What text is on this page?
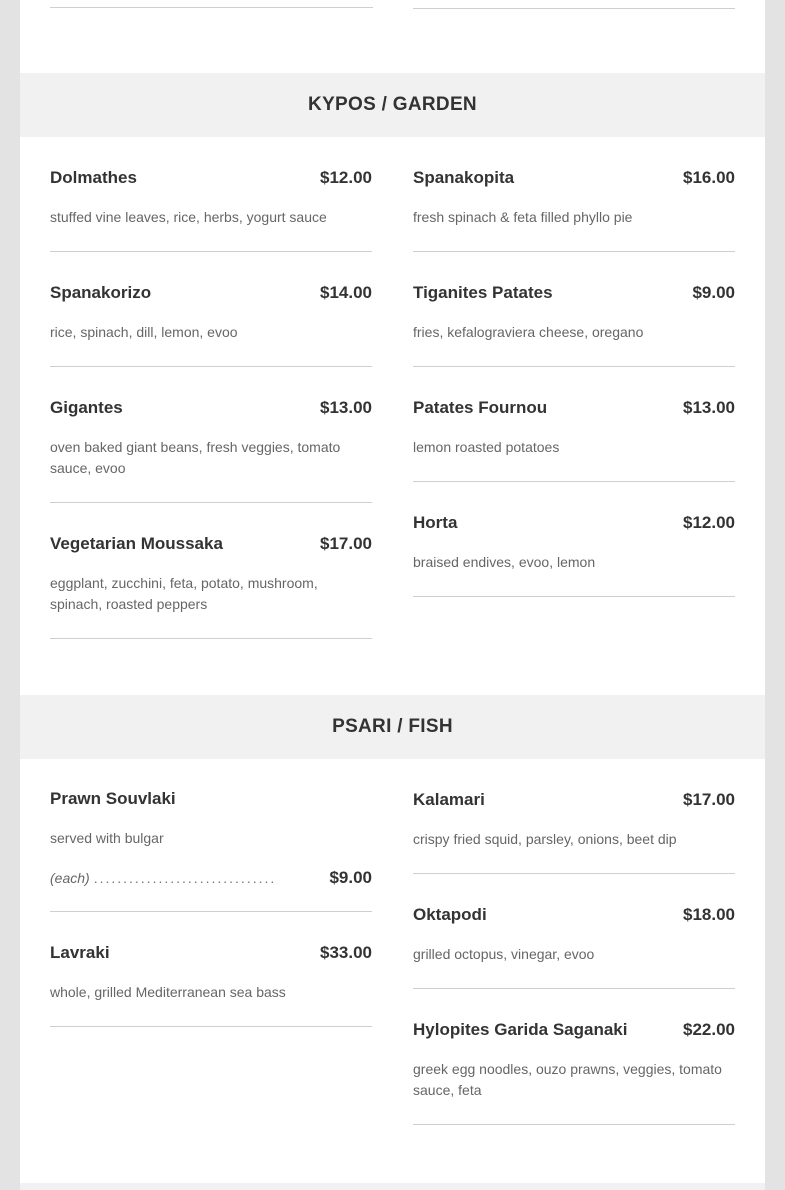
KYPOS / GARDEN
Dolmathes	$12.00
stuffed vine leaves, rice, herbs, yogurt sauce
Spanakorizo	$14.00
rice, spinach, dill, lemon, evoo
Gigantes	$13.00
oven baked giant beans, fresh veggies, tomato sauce, evoo
Vegetarian Moussaka	$17.00
eggplant, zucchini, feta, potato, mushroom, spinach, roasted peppers
Spanakopita	$16.00
fresh spinach & feta filled phyllo pie
Tiganites Patates	$9.00
fries, kefalograviera cheese, oregano
Patates Fournou	$13.00
lemon roasted potatoes
Horta	$12.00
braised endives, evoo, lemon
PSARI / FISH
Prawn Souvlaki
served with bulgar
(each) ...............................	$9.00
Lavraki	$33.00
whole, grilled Mediterranean sea bass
Kalamari	$17.00
crispy fried squid, parsley, onions, beet dip
Oktapodi	$18.00
grilled octopus, vinegar, evoo
Hylopites Garida Saganaki	$22.00
greek egg noodles, ouzo prawns, veggies, tomato sauce, feta
